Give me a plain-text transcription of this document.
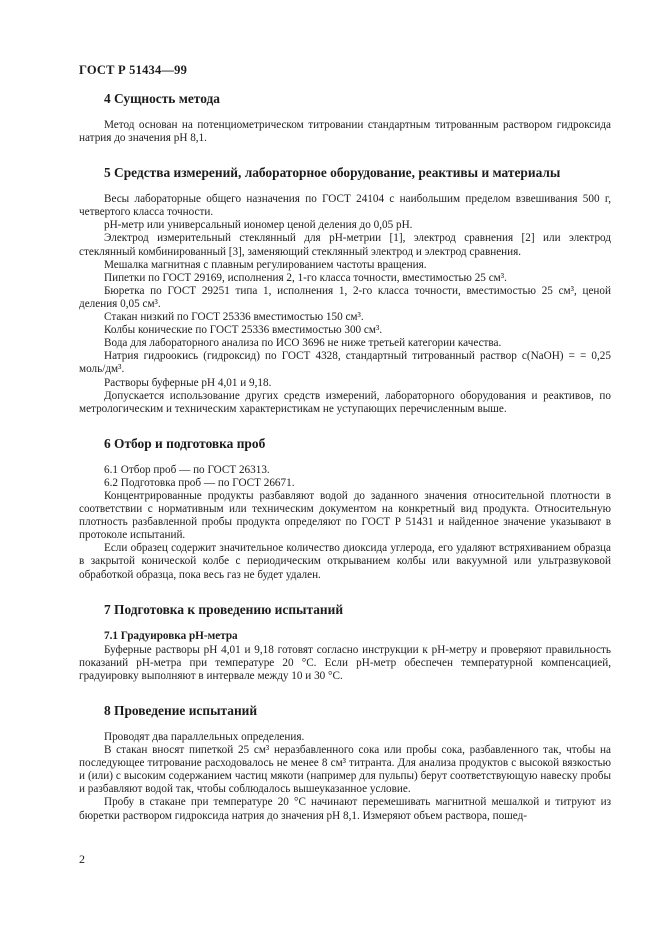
ГОСТ Р 51434—99
4 Сущность метода

Метод основан на потенциометрическом титровании стандартным титрованным раствором гидроксида натрия до значения pH 8,1.

5 Средства измерений, лабораторное оборудование, реактивы и материалы

Весы лабораторные общего назначения по ГОСТ 24104 с наибольшим пределом взвешивания 500 г, четвертого класса точности.

pH-метр или универсальный иономер ценой деления до 0,05 pH.

Электрод измерительный стеклянный для pH-метрии [1], электрод сравнения [2] или электрод стеклянный комбинированный [3], заменяющий стеклянный электрод и электрод сравнения.

Мешалка магнитная с плавным регулированием частоты вращения.

Пипетки по ГОСТ 29169, исполнения 2, 1-го класса точности, вместимостью 25 см³.

Бюретка по ГОСТ 29251 типа 1, исполнения 1, 2-го класса точности, вместимостью 25 см³, ценой деления 0,05 см³.

Стакан низкий по ГОСТ 25336 вместимостью 150 см³.

Колбы конические по ГОСТ 25336 вместимостью 300 см³.

Вода для лабораторного анализа по ИСО 3696 не ниже третьей категории качества.

Натрия гидроокись (гидроксид) по ГОСТ 4328, стандартный титрованный раствор c(NaOH) = = 0,25 моль/дм³.

Растворы буферные pH 4,01 и 9,18.

Допускается использование других средств измерений, лабораторного оборудования и реактивов, по метрологическим и техническим характеристикам не уступающих перечисленным выше.

6 Отбор и подготовка проб

6.1 Отбор проб — по ГОСТ 26313.

6.2 Подготовка проб — по ГОСТ 26671.

Концентрированные продукты разбавляют водой до заданного значения относительной плотности в соответствии с нормативным или техническим документом на конкретный вид продукта. Относительную плотность разбавленной пробы продукта определяют по ГОСТ Р 51431 и найденное значение указывают в протоколе испытаний.

Если образец содержит значительное количество диоксида углерода, его удаляют встряхиванием образца в закрытой конической колбе с периодическим открыванием колбы или вакуумной или ультразвуковой обработкой образца, пока весь газ не будет удален.

7 Подготовка к проведению испытаний
7.1 Градуировка pH-метра

Буферные растворы pH 4,01 и 9,18 готовят согласно инструкции к pH-метру и проверяют правильность показаний pH-метра при температуре 20 °С. Если pH-метр обеспечен температурной компенсацией, градуировку выполняют в интервале между 10 и 30 °С.

8 Проведение испытаний

Проводят два параллельных определения.

В стакан вносят пипеткой 25 см³ неразбавленного сока или пробы сока, разбавленного так, чтобы на последующее титрование расходовалось не менее 8 см³ титранта. Для анализа продуктов с высокой вязкостью и (или) с высоким содержанием частиц мякоти (например для пульпы) берут соответствующую навеску пробы и разбавляют водой так, чтобы соблюдалось вышеуказанное условие.

Пробу в стакане при температуре 20 °С начинают перемешивать магнитной мешалкой и титруют из бюретки раствором гидроксида натрия до значения pH 8,1. Измеряют объем раствора, пошед-

2
